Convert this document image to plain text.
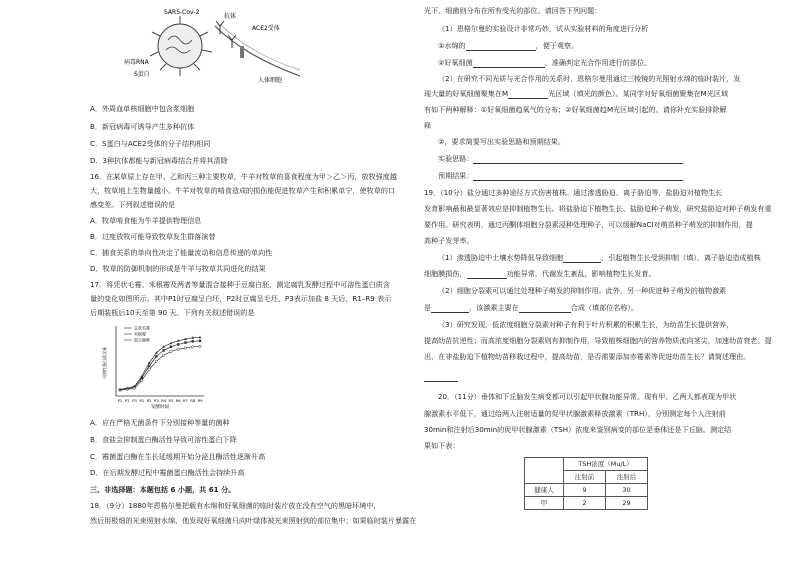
SARS-Cov-2
抗体
ACE2受体
病毒RNA
S蛋白
人体细胞
A．外周血单核细胞中包含浆细胞
B．新冠病毒可诱导产生多种抗体
C．S蛋白与ACE2受体的分子结构相同
D．3种抗体都能与新冠病毒结合并将其清除
16．在某草原上存在甲、乙和丙三种主要牧草，牛羊对牧草的喜食程度为甲＞乙＞丙，放牧强度越
大，牧草地上生物量越小。牛羊对牧草的啃食造成的损伤能促进牧草产生和积累单宁，使牧草的口
感变差。下列叙述错误的是
A．牧草啃食能为牛羊提供物理信息
B．过度放牧可能导致牧草发生群落演替
C．捕食关系的单向性决定了能量流动和信息传递的单向性
D．牧草的防御机制的形成是牛羊与牧草共同进化的结果
17．将凭状毛霉、米根霉及两者等量混合接种于豆腐白胚，测定腐乳发酵过程中可溶性蛋白质含
量的变化如图所示。其中P1时豆腐呈白坯，P2时豆腐呈毛坯，P3表示加盐 8 天后，R1–R9 表示
后期装瓶后10天至第 90 天。下列有关叙述错误的是
可溶性蛋白质含量
发酵时间
总状毛霉
米根霉
混合菌种
P1 P2 P3 R1 R2 R3 R4 R5 R6 R7 R8 R9
A．应在严格无菌条件下分别接种等量的菌种
B．食盐会抑制蛋白酶活性导致可溶性蛋白下降
C．霉菌蛋白酶在生长延缓期开始分泌且酶活性逐渐升高
D．在后期发酵过程中霉菌蛋白酶活性会持续升高
三、非选择题：本题包括 6 小题，共 61 分。
18．（9分）1880年恩格尔曼把载有水绵和好氧细菌的临时装片放在没有空气的黑暗环境中，
然后用极细的光束照射水绵，他发现好氧细菌只向叶绿体被光束照射到的部位集中；如果临时装片暴露在
光下，细菌则分布在所有受光的部位。请回答下列问题：
（1）恩格尔曼的实验设计非常巧妙，试从实验材料的角度进行分析
①水绵的	，便于观察。
②好氧细菌	，准确判定光合作用进行的部位。
（2）在研究不同光质与光合作用的关系时，恩格尔曼用通过三棱镜的光照射水绵的临时装片，发
现大量的好氧细菌聚集在M	光区域（填光的颜色）。某同学对好氧细菌聚集在M光区域
有如下两种解释：①好氧细菌趋氧气的分布；②好氧细菌趋M光区域引起的。请你补充实验排除解
释
②，要求简要写出实验思路和预期结果。
实验思路：
预期结果：
19．（10分）盐分通过多种途径方式伤害植株。通过渗透胁迫、离子胁迫等，盐胁迫对植物生长
发育影响最和最显著效应是抑制植物生长。将盐胁迫下植物生长、盐胁迫种子萌发，研究盐胁迫对种子萌发有重
要作用。研究表明，通过丙酮体细胞分裂素浸种处理种子，可以缓解NaCl对萌苗种子萌发的抑制作用，提
高种子发芽率。
（1）渗透胁迫中土壤水势降低导致细胞	，引起植物生长受到抑制（填），离子胁迫造成植株
细胞膜损伤，	功能异常，代谢发生紊乱，影响植物生长发育。
（2）细胞分裂素可以通过处理种子萌发的抑制作用。此外，另一种促进种子萌发的植物激素
是	，该激素主要在	合成（填部位名称）。
（3）研究发现，低浓度细胞分裂素对种子有利于叶片积累的积累生长，为幼苗生长提供营养，
提高幼苗抗逆性；而高浓度细胞分裂素则有抑制作用，导致植株细胞内的营养物质流向茎尖，加速幼苗衰老。提
出，在非盐胁迫下植物幼苗移栽过程中，提高幼苗，是否需要添加赤霉素等促进幼苗生长？请简述理由。
20．（11分）垂体和下丘脑发生病变都可以引起甲状腺功能异常。现有甲、乙两人都表现为甲状
腺激素水平低下，通过给两人注射适量的促甲状腺激素释放激素（TRH），分别测定每个人注射前
30min和注射后30min的促甲状腺激素（TSH）浓度来鉴别病变的部位是垂体还是下丘脑。测定结
果如下表：
	TSH浓度（Mu/L）	
	注射前	注射后
健康人	9	30
甲	2	29
